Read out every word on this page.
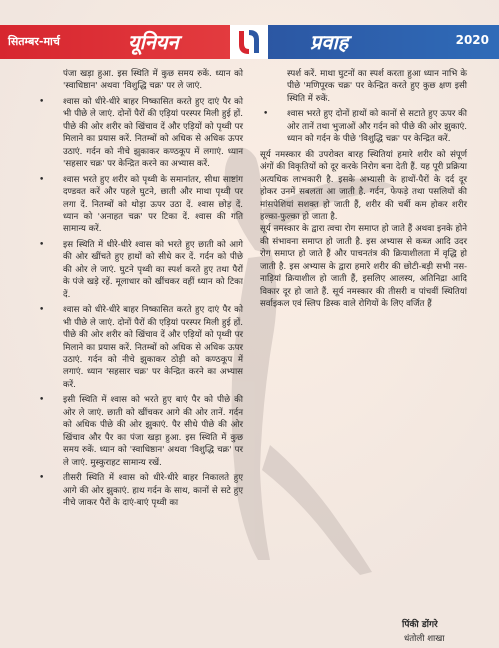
सितम्बर-मार्च	यूनियन	2020
प्रवाह

पंजा खड़ा हुआ. इस स्थिति में कुछ समय रुकें. ध्यान को 'स्वाधिष्ठान' अथवा 'विशुद्धि चक्र' पर ले जाएं.

• श्वास को धीरे-धीरे बाहर निष्कासित करते हुए दाएं पैर को भी पीछे ले जाएं. दोनों पैरों की एड़ियां परस्पर मिली हुई हों. पीछे की ओर शरीर को खिंचाव दें और एड़ियों को पृथ्वी पर मिलाने का प्रयास करें. नितम्बों को अधिक से अधिक ऊपर उठाएं. गर्दन को नीचे झुकाकर कण्ठकूप में लगाएं. ध्यान 'सहसार चक्र' पर केन्द्रित करने का अभ्यास करें.

• श्वास भरते हुए शरीर को पृथ्वी के समानांतर, सीधा साष्टांग दण्डवत करें और पहले घुटने, छाती और माथा पृथ्वी पर लगा दें. नितम्बों को थोड़ा ऊपर उठा दें. श्वास छोड़ दें. ध्यान को 'अनाहत चक्र' पर टिका दें. श्वास की गति सामान्य करें.

• इस स्थिति में धीरे-धीरे श्वास को भरते हुए छाती को आगे की ओर खींचते हुए हाथों को सीधे कर दें. गर्दन को पीछे की ओर ले जाएं. घुटने पृथ्वी का स्पर्श करते हुए तथा पैरों के पंजे खड़े रहें. मूलाधार को खींचकर वहीं ध्यान को टिका दें.

• श्वास को धीरे-धीरे बाहर निष्कासित करते हुए दाएं पैर को भी पीछे ले जाएं. दोनों पैरों की एड़ियां परस्पर मिली हुई हों. पीछे की ओर शरीर को खिंचाव दें और एड़ियों को पृथ्वी पर मिलाने का प्रयास करें. नितम्बों को अधिक से अधिक ऊपर उठाएं. गर्दन को नीचे झुकाकर ठोड़ी को कण्ठकूप में लगाएं. ध्यान 'सहसार चक्र' पर केन्द्रित करने का अभ्यास करें.

• इसी स्थिति में श्वास को भरते हुए बाएं पैर को पीछे की ओर ले जाएं. छाती को खींचकर आगे की ओर तानें. गर्दन को अधिक पीछे की ओर झुकाएं. पैर सीधे पीछे की ओर खिंचाव और पैर का पंजा खड़ा हुआ. इस स्थिति में कुछ समय रुकें. ध्यान को 'स्वाधिष्ठान' अथवा 'विशुद्धि चक्र' पर ले जाएं. मुस्कुराहट सामान्य रखें.

• तीसरी स्थिति में श्वास को धीरे-धीरे बाहर निकालते हुए आगे की ओर झुकाएं. हाथ गर्दन के साथ, कानों से सटे हुए नीचे जाकर पैरों के दाएं-बाएं पृथ्वी का

स्पर्श करें. माथा घुटनों का स्पर्श करता हुआ ध्यान नाभि के पीछे 'मणिपूरक चक्र' पर केन्द्रित करते हुए कुछ क्षण इसी स्थिति में रुकें.

• श्वास भरते हुए दोनों हाथों को कानों से सटाते हुए ऊपर की ओर तानें तथा भुजाओं और गर्दन को पीछे की ओर झुकाएं. ध्यान को गर्दन के पीछे 'विशुद्धि चक्र' पर केन्द्रित करें.

सूर्य नमस्कार की उपरोक्त बारह स्थितियां हमारे शरीर को संपूर्ण अंगों की विकृतियों को दूर करके निरोग बना देती हैं. यह पूरी प्रक्रिया अत्यधिक लाभकारी है. इसके अभ्यासी के हाथों-पैरों के दर्द दूर होकर उनमें सबलता आ जाती है. गर्दन, फेफड़े तथा पसलियों की मांसपेशियां सशक्त हो जाती हैं, शरीर की चर्बी कम होकर शरीर हल्का-फुल्का हो जाता है.

सूर्य नमस्कार के द्वारा त्वचा रोग समाप्त हो जाते हैं अथवा इनके होने की संभावना समाप्त हो जाती है. इस अभ्यास से कब्ज आदि उदर रोग समाप्त हो जाते हैं और पाचनतंत्र की क्रियाशीलता में वृद्धि हो जाती है. इस अभ्यास के द्वारा हमारे शरीर की छोटी-बड़ी सभी नस-नाड़ियां क्रियाशील हो जाती हैं, इसलिए आलस्य, अतिनिद्रा आदि विकार दूर हो जाते हैं. सूर्य नमस्कार की तीसरी व पांचवीं स्थितियां सर्वाइकल एवं स्लिप डिस्क वाले रोगियों के लिए वर्जित हैं

पिंकी डोंगरे
धंतोली शाखा
